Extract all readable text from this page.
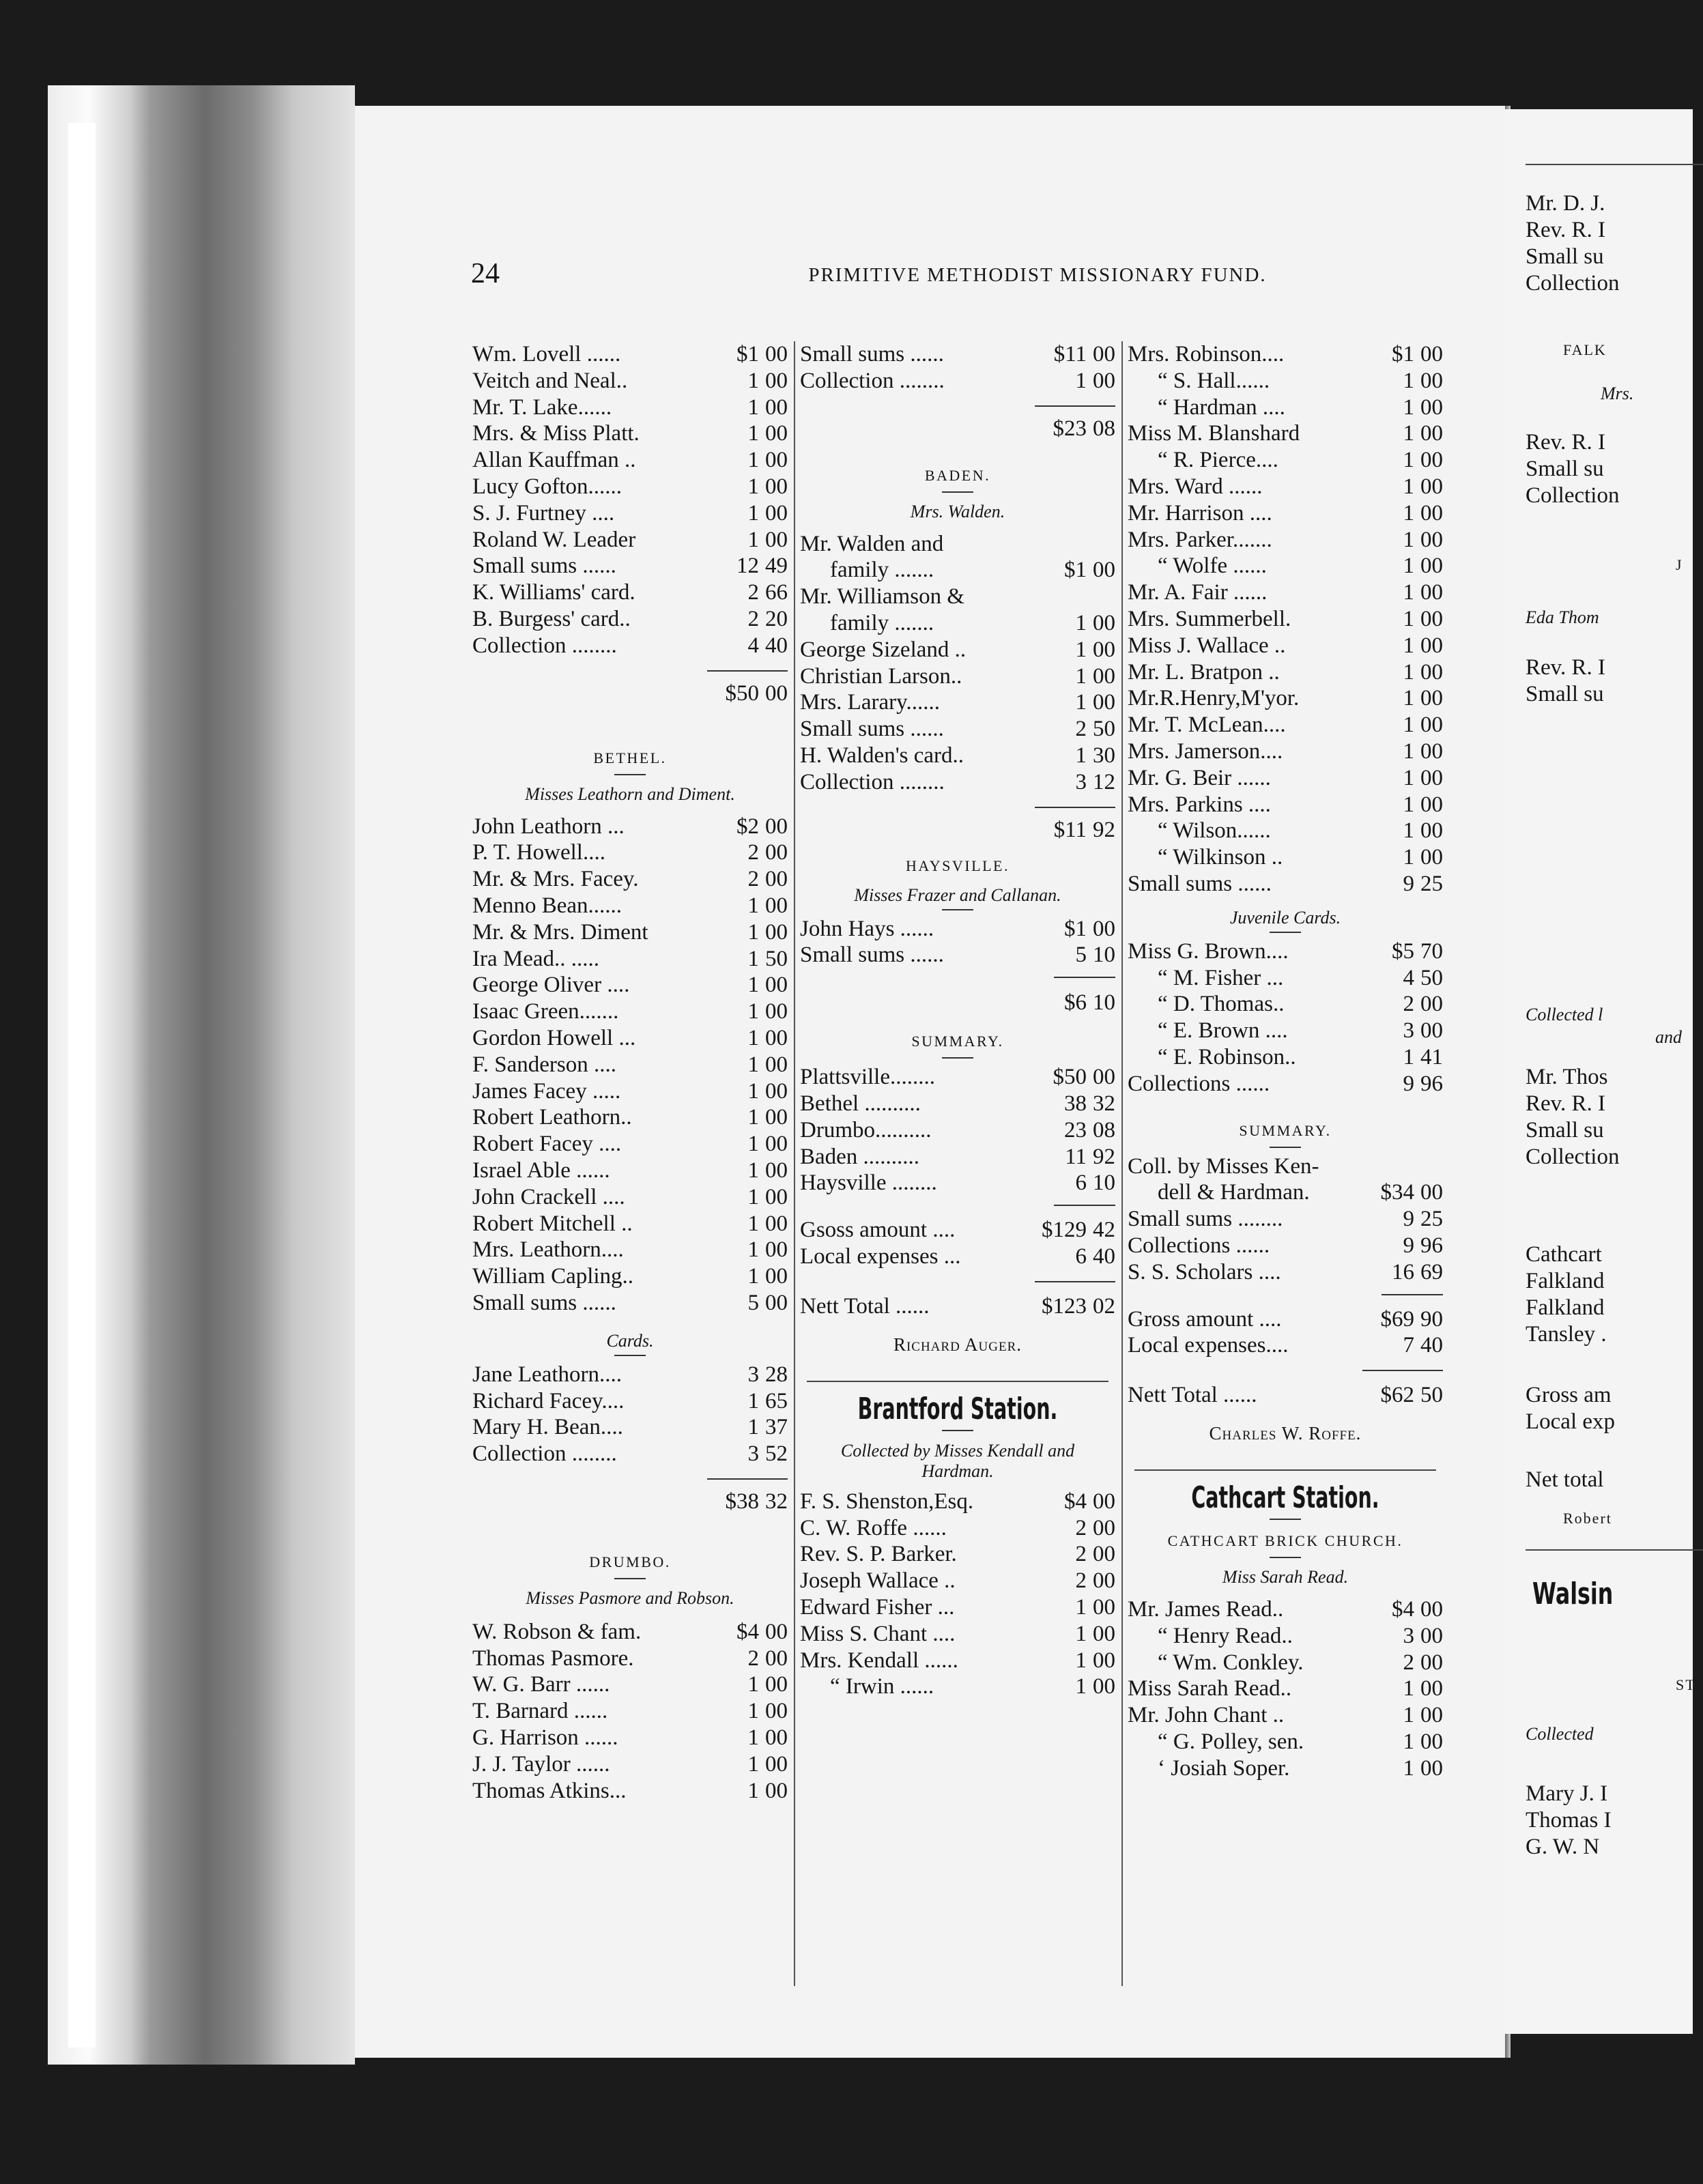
24	PRIMITIVE METHODIST MISSIONARY FUND.
Wm. Lovell ......	$1 00
Veitch and Neal..	1 00
Mr. T. Lake......	1 00
Mrs. & Miss Platt.	1 00
Allan Kauffman ..	1 00
Lucy Gofton......	1 00
S. J. Furtney ....	1 00
Roland W. Leader	1 00
Small sums ......	12 49
K. Williams' card.	2 66
B. Burgess' card..	2 20
Collection ........	4 40
$50 00
BETHEL.
Misses Leathorn and Diment.
John Leathorn ...	$2 00
P. T. Howell....	2 00
Mr. & Mrs. Facey.	2 00
Menno Bean......	1 00
Mr. & Mrs. Diment	1 00
Ira Mead.. .....	1 50
George Oliver ....	1 00
Isaac Green.......	1 00
Gordon Howell ...	1 00
F. Sanderson ....	1 00
James Facey .....	1 00
Robert Leathorn..	1 00
Robert Facey ....	1 00
Israel Able ......	1 00
John Crackell ....	1 00
Robert Mitchell ..	1 00
Mrs. Leathorn....	1 00
William Capling..	1 00
Small sums ......	5 00
Cards.
Jane Leathorn....	3 28
Richard Facey....	1 65
Mary H. Bean....	1 37
Collection ........	3 52
$38 32
DRUMBO.
Misses Pasmore and Robson.
W. Robson & fam.	$4 00
Thomas Pasmore.	2 00
W. G. Barr ......	1 00
T. Barnard ......	1 00
G. Harrison ......	1 00
J. J. Taylor ......	1 00
Thomas Atkins...	1 00
Small sums ......	$11 00
Collection ........	1 00
$23 08
BADEN.
Mrs. Walden.
Mr. Walden and
family .......	$1 00
Mr. Williamson &
family .......	1 00
George Sizeland ..	1 00
Christian Larson..	1 00
Mrs. Larary......	1 00
Small sums ......	2 50
H. Walden's card..	1 30
Collection ........	3 12
$11 92
HAYSVILLE.
Misses Frazer and Callanan.
John Hays ......	$1 00
Small sums ......	5 10
$6 10
SUMMARY.
Plattsville........	$50 00
Bethel ..........	38 32
Drumbo..........	23 08
Baden ..........	11 92
Haysville ........	6 10
Gsoss amount ....	$129 42
Local expenses ...	6 40
Nett Total ......	$123 02
Richard Auger.
Brantford Station.
Collected by Misses Kendall and Hardman.
F. S. Shenston,Esq.	$4 00
C. W. Roffe ......	2 00
Rev. S. P. Barker.	2 00
Joseph Wallace ..	2 00
Edward Fisher ...	1 00
Miss S. Chant ....	1 00
Mrs. Kendall ......	1 00
“ Irwin ......	1 00
Mrs. Robinson....	$1 00
“ S. Hall......	1 00
“ Hardman ....	1 00
Miss M. Blanshard	1 00
“ R. Pierce....	1 00
Mrs. Ward ......	1 00
Mr. Harrison ....	1 00
Mrs. Parker.......	1 00
“ Wolfe ......	1 00
Mr. A. Fair ......	1 00
Mrs. Summerbell.	1 00
Miss J. Wallace ..	1 00
Mr. L. Bratpon ..	1 00
Mr.R.Henry,M'yor.	1 00
Mr. T. McLean....	1 00
Mrs. Jamerson....	1 00
Mr. G. Beir ......	1 00
Mrs. Parkins ....	1 00
“ Wilson......	1 00
“ Wilkinson ..	1 00
Small sums ......	9 25
Juvenile Cards.
Miss G. Brown....	$5 70
“ M. Fisher ...	4 50
“ D. Thomas..	2 00
“ E. Brown ....	3 00
“ E. Robinson..	1 41
Collections ......	9 96
SUMMARY.
Coll. by Misses Ken-
dell & Hardman.	$34 00
Small sums ........	9 25
Collections ......	9 96
S. S. Scholars ....	16 69
Gross amount ....	$69 90
Local expenses....	7 40
Nett Total ......	$62 50
Charles W. Roffe.
Cathcart Station.
CATHCART BRICK CHURCH.
Miss Sarah Read.
Mr. James Read..	$4 00
“ Henry Read..	3 00
“ Wm. Conkley.	2 00
Miss Sarah Read..	1 00
Mr. John Chant ..	1 00
“ G. Polley, sen.	1 00
‘ Josiah Soper.	1 00
Mr. D. J.
Rev. R. I
Small su
Collection
FALK
Mrs.
Rev. R. I
Small su
Collection
J
Eda Thom
Rev. R. I
Small su
Collected l
and
Mr. Thos
Rev. R. I
Small su
Collection
Cathcart
Falkland
Falkland
Tansley .
Gross am
Local exp
Net total
Robert
Walsin
ST
Collected
Mary J. I
Thomas I
G. W. N
